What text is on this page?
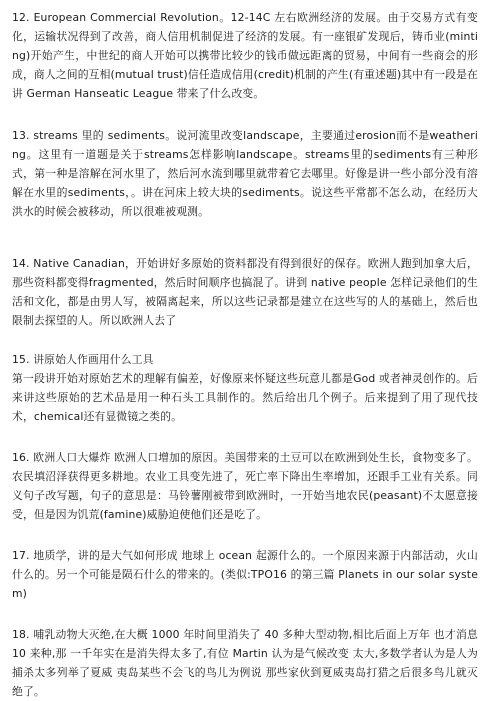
12. European Commercial Revolution。12-14C 左右欧洲经济的发展。由于交易方式有变化，运输状况得到了改善，商人信用机制促进了经济的发展。有一座银矿发现后，铸币业(minting)开始产生，中世纪的商人开始可以携带比较少的钱币做远距离的贸易，中间有一些商会的形成，商人之间的互相(mutual trust)信任造成信用(credit)机制的产生(有重述题)其中有一段是在讲 German Hanseatic League 带来了什么改变。

13. streams 里的 sediments。说河流里改变landscape，主要通过erosion而不是weathering。这里有一道题是关于streams怎样影响landscape。streams里的sediments有三种形式，第一种是溶解在河水里了，然后河水流到哪里就带着它去哪里。好像是讲一些小部分没有溶解在水里的sediments，。讲在河床上较大块的sediments。说这些平常都不怎么动，在经历大洪水的时候会被移动，所以很难被观测。

14. Native Canadian，开始讲好多原始的资料都没有得到很好的保存。欧洲人跑到加拿大后，那些资料都变得fragmented，然后时间顺序也搞混了。讲到 native people 怎样记录他们的生活和文化，都是由男人写，被隔离起来，所以这些记录都是建立在这些写的人的基础上，然后也限制去探望的人。所以欧洲人去了

15. 讲原始人作画用什么工具

第一段讲开始对原始艺术的理解有偏差，好像原来怀疑这些玩意儿都是God 或者神灵创作的。后来讲这些原始的艺术品是用一种石头工具制作的。然后给出几个例子。后来提到了用了现代技术，chemical还有显微镜之类的。

16. 欧洲人口大爆炸 欧洲人口增加的原因。美国带来的土豆可以在欧洲到处生长，食物变多了。农民填沼泽获得更多耕地。农业工具变先进了，死亡率下降出生率增加，还跟手工业有关系。同义句子改写题，句子的意思是：马铃薯刚被带到欧洲时，一开始当地农民(peasant)不太愿意接受，但是因为饥荒(famine)威胁迫使他们还是吃了。

17. 地质学，讲的是大气如何形成 地球上 ocean 起源什么的。一个原因来源于内部活动，火山什么的。另一个可能是陨石什么的带来的。(类似:TPO16 的第三篇 Planets in our solar system)

18. 哺乳动物大灭绝,在大概 1000 年时间里消失了 40 多种大型动物,相比后面上万年 也才消息 10 来种,那 一千年实在是消失得太多了,有位 Martin 认为是气候改变 太大,多数学者认为是人为捕杀太多列举了夏威 夷岛某些不会飞的鸟儿为例说 那些家伙到夏威夷岛打猎之后很多鸟儿就灭绝了。
